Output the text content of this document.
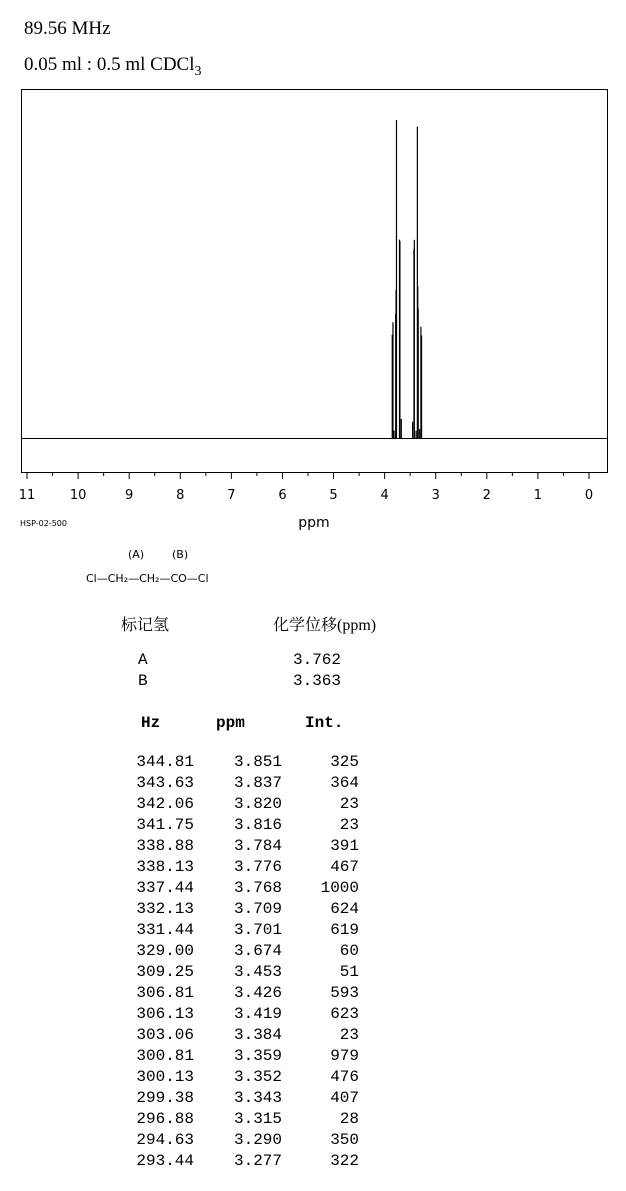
89.56 MHz
0.05 ml : 0.5 ml CDCl$_3$
11	10	9	8	7	6	5	4	3	2	1	0
ppm
HSP-02-500
(A)	(B)
Cl—CH₂—CH₂—CO—Cl
标记氢	化学位移(ppm)
A	3.762
B	3.363
Hz	ppm	Int.
344.81 3.851	325
343.63 3.837	364
342.06 3.820	23
341.75 3.816	23
338.88 3.784	391
338.13 3.776	467
337.44 3.768 1000
332.13 3.709	624
331.44 3.701	619
329.00 3.674	60
309.25 3.453	51
306.81 3.426	593
306.13 3.419	623
303.06 3.384	23
300.81 3.359	979
300.13 3.352	476
299.38 3.343	407
296.88 3.315	28
294.63 3.290	350
293.44 3.277	322
